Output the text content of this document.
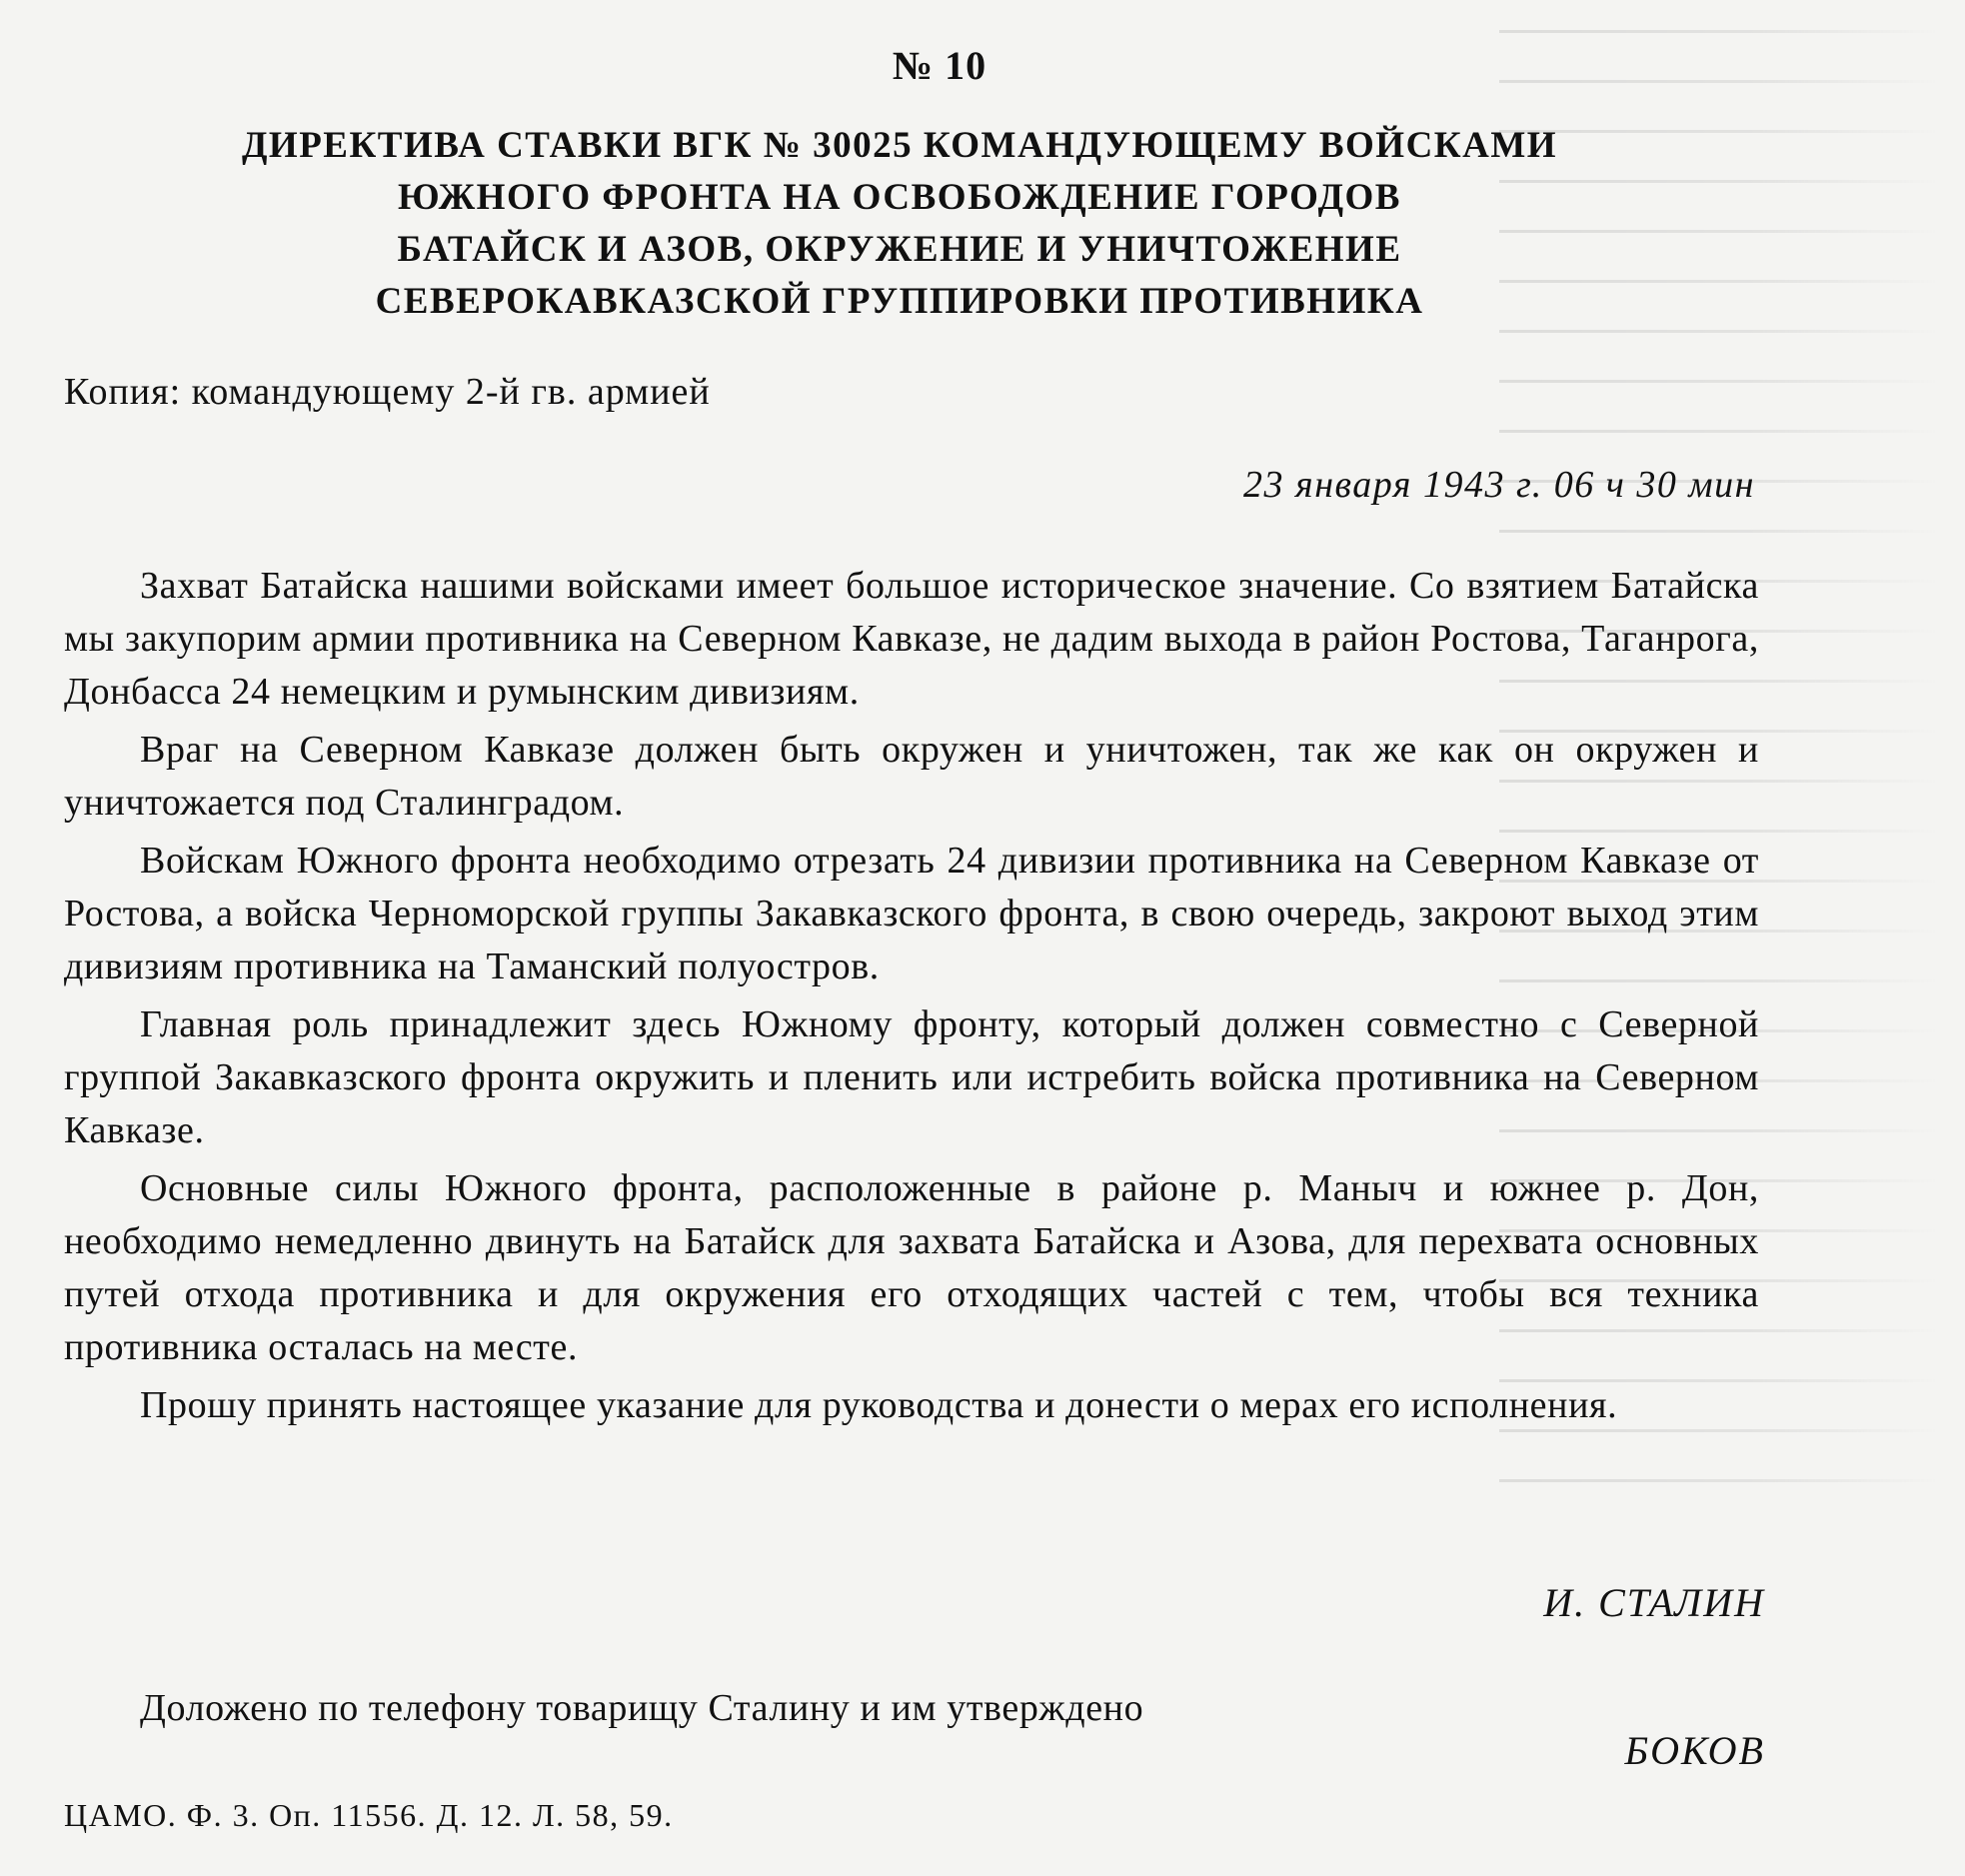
№ 10
ДИРЕКТИВА СТАВКИ ВГК № 30025 КОМАНДУЮЩЕМУ ВОЙСКАМИ
ЮЖНОГО ФРОНТА НА ОСВОБОЖДЕНИЕ ГОРОДОВ
БАТАЙСК И АЗОВ, ОКРУЖЕНИЕ И УНИЧТОЖЕНИЕ
СЕВЕРОКАВКАЗСКОЙ ГРУППИРОВКИ ПРОТИВНИКА
Копия: командующему 2-й гв. армией
23 января 1943 г. 06 ч 30 мин

Захват Батайска нашими войсками имеет большое историческое значение. Со взятием Батайска мы закупорим армии противника на Северном Кавказе, не дадим выхода в район Ростова, Таганрога, Донбасса 24 немецким и румынским дивизиям.

Враг на Северном Кавказе должен быть окружен и уничтожен, так же как он окружен и уничтожается под Сталинградом.

Войскам Южного фронта необходимо отрезать 24 дивизии противника на Северном Кавказе от Ростова, а войска Черноморской группы Закавказского фронта, в свою очередь, закроют выход этим дивизиям противника на Таманский полуостров.

Главная роль принадлежит здесь Южному фронту, который должен совместно с Северной группой Закавказского фронта окружить и пленить или истребить войска противника на Северном Кавказе.

Основные силы Южного фронта, расположенные в районе р. Маныч и южнее р. Дон, необходимо немедленно двинуть на Батайск для захвата Батайска и Азова, для перехвата основных путей отхода противника и для окружения его отходящих частей с тем, чтобы вся техника противника осталась на месте.

Прошу принять настоящее указание для руководства и донести о мерах его исполнения.

И. СТАЛИН
Доложено по телефону товарищу Сталину и им утверждено
БОКОВ
ЦАМО. Ф. 3. Оп. 11556. Д. 12. Л. 58, 59.
